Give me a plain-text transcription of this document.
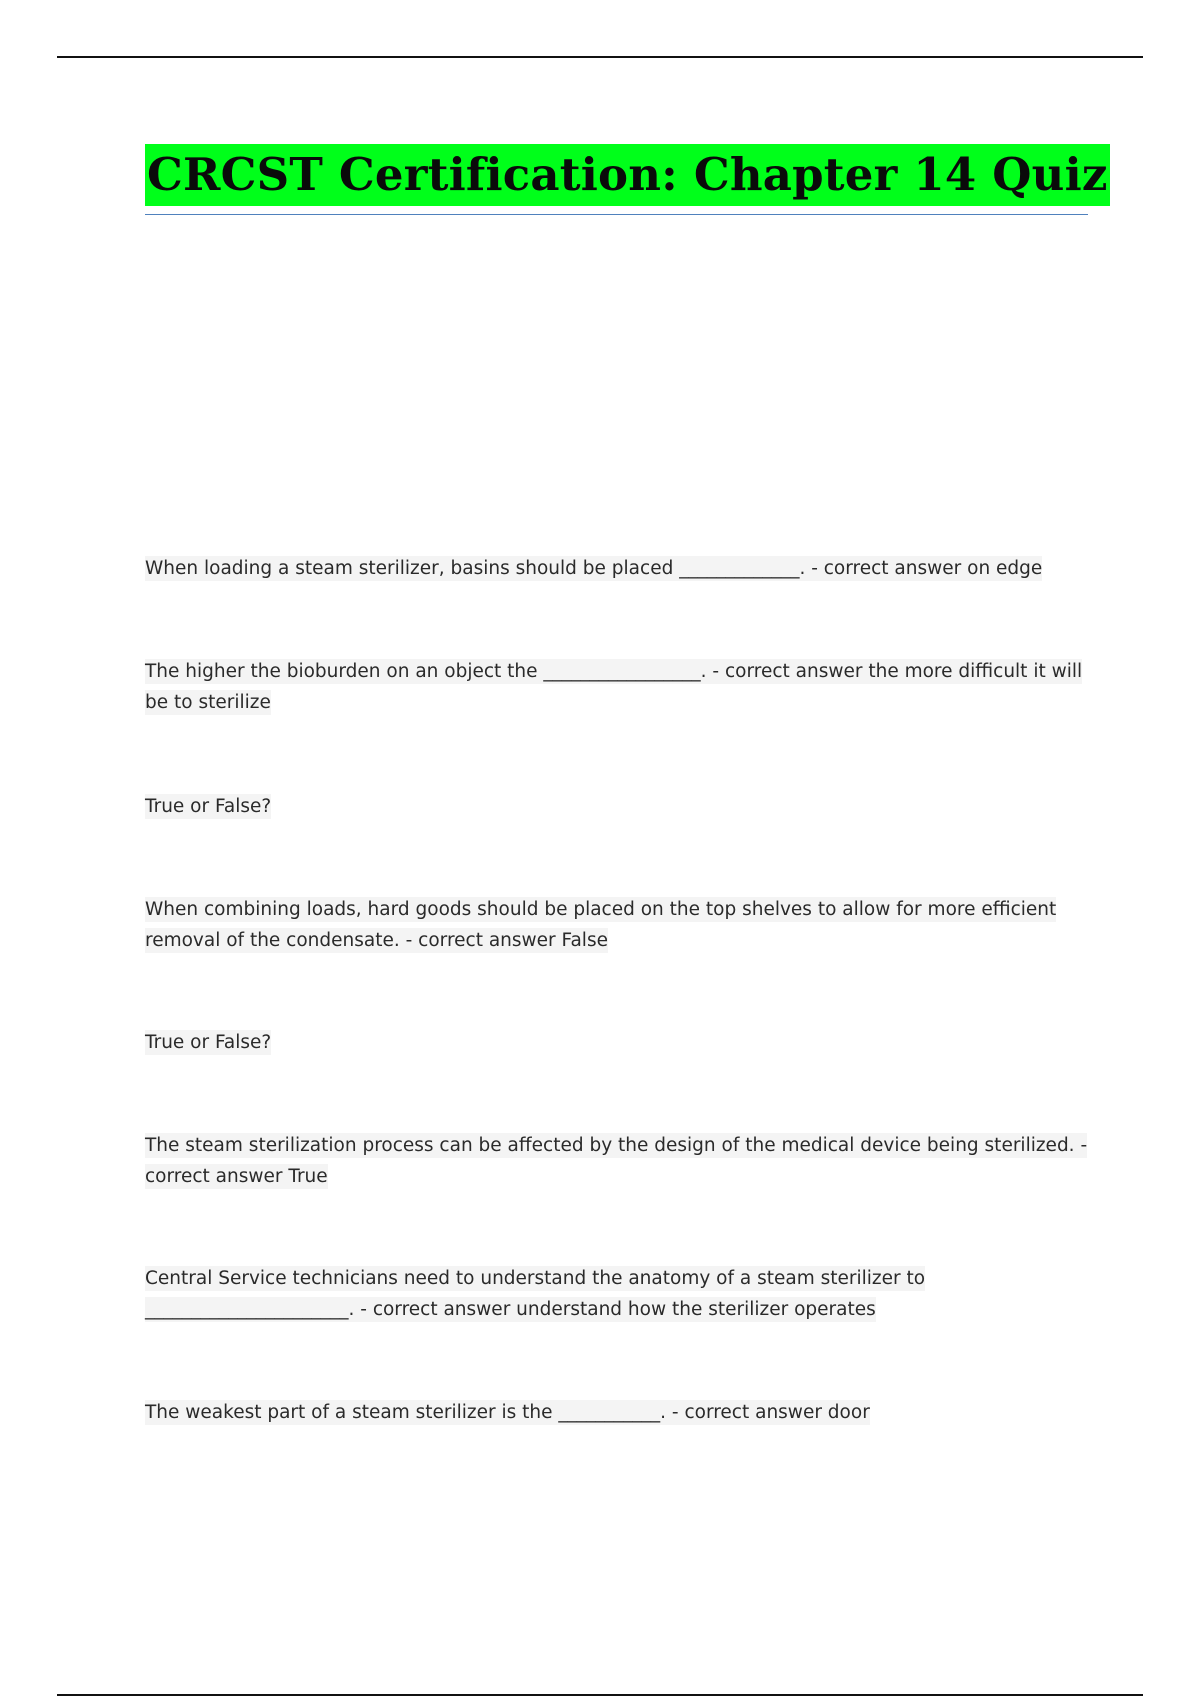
CRCST Certification: Chapter 14 Quiz
When loading a steam sterilizer, basins should be placed _____________. - correct answer on edge
The higher the bioburden on an object the _________________. - correct answer the more difficult it will be to sterilize
True or False?
When combining loads, hard goods should be placed on the top shelves to allow for more efficient removal of the condensate. - correct answer False
True or False?
The steam sterilization process can be affected by the design of the medical device being sterilized. - correct answer True
Central Service technicians need to understand the anatomy of a steam sterilizer to ______________________. - correct answer understand how the sterilizer operates
The weakest part of a steam sterilizer is the ___________. - correct answer door
